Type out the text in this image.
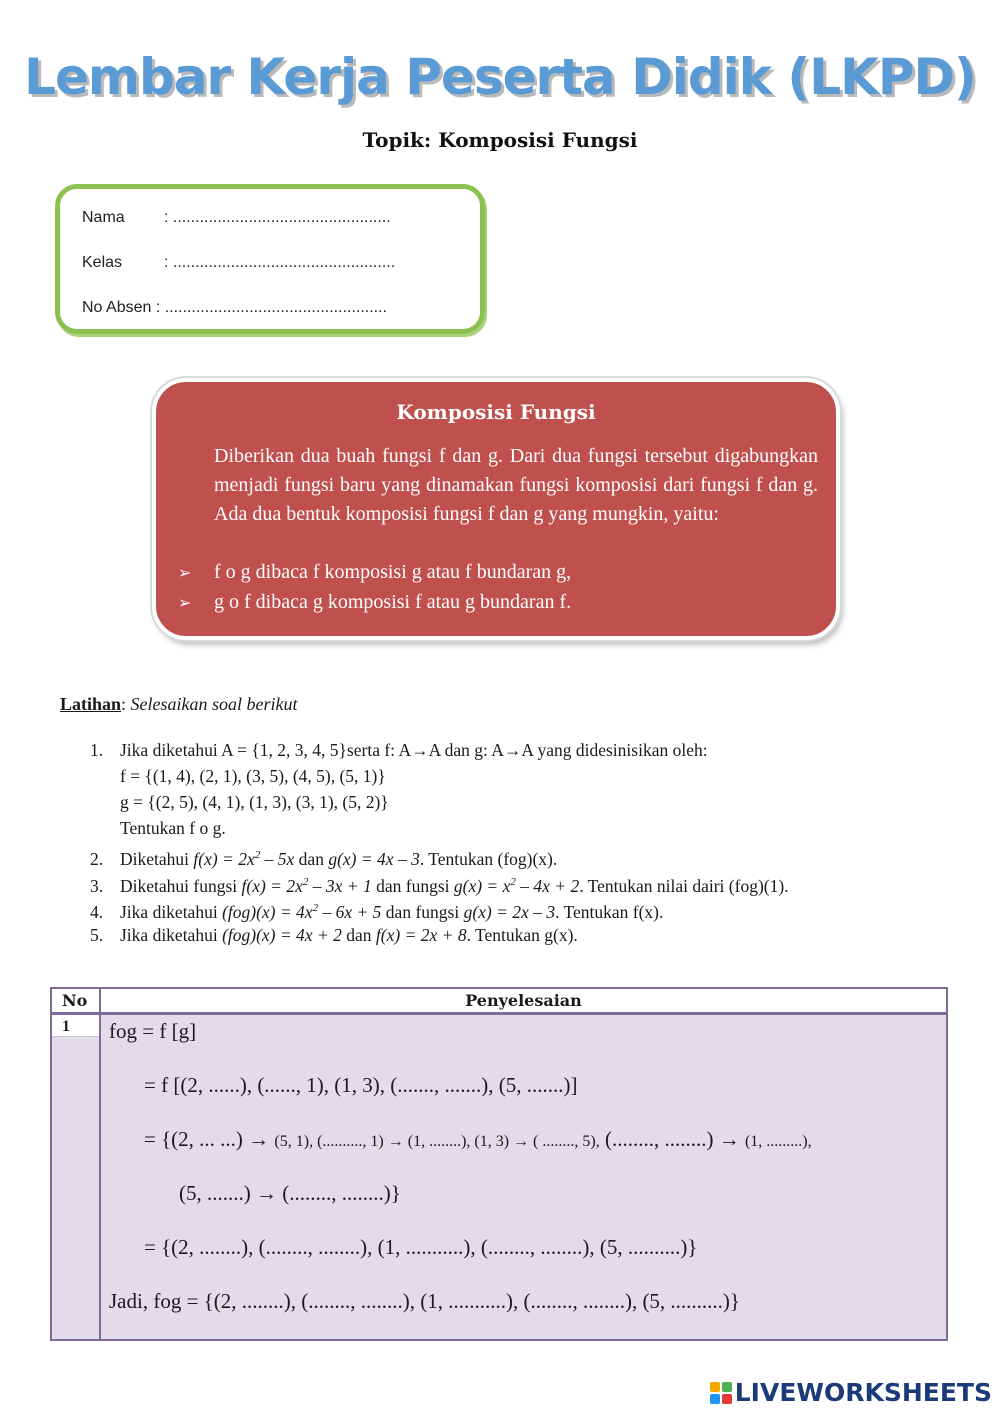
Lembar Kerja Peserta Didik (LKPD)
Topik: Komposisi Fungsi
Nama : .................................................
Kelas	: ..................................................
No Absen : ..................................................
Komposisi Fungsi
Diberikan dua buah fungsi f dan g. Dari dua fungsi tersebut digabungkan menjadi fungsi baru yang dinamakan fungsi komposisi dari fungsi f dan g. Ada dua bentuk komposisi fungsi f dan g yang mungkin, yaitu:
➢ f o g dibaca f komposisi g atau f bundaran g,
➢ g o f dibaca g komposisi f atau g bundaran f.
Latihan: Selesaikan soal berikut
1. Jika diketahui A = {1, 2, 3, 4, 5}serta f: A→A dan g: A→A yang didesinisikan oleh:
f = {(1, 4), (2, 1), (3, 5), (4, 5), (5, 1)}
g = {(2, 5), (4, 1), (1, 3), (3, 1), (5, 2)}
Tentukan f o g.
2. Diketahui $f(x) = 2x^2 - 5x$ dan g(x) = 4x – 3. Tentukan (fog)(x).
3. Diketahui fungsi $f(x) = 2x^2 - 3x + 1$ dan fungsi $g(x) = x^2 - 4x + 2$. Tentukan nilai dairi (fog)(1).
4. Jika diketahui $(fog)(x) = 4x^2 - 6x + 5$ dan fungsi g(x) = 2x – 3. Tentukan f(x).
5. Jika diketahui (fog)(x) = 4x + 2 dan f(x) = 2x + 8. Tentukan g(x).
No	Penyelesaian
1	fog = f [g]
= f [(2, ......), (......, 1), (1, 3), (......., .......), (5, .......)]
= {(2, ... ...) → (5, 1), (.........., 1) → (1, ........), (1, 3) → ( ........, 5), (........, ........) → (1, .........),
(5, .......) → (........, ........)}
= {(2, ........), (........, ........), (1, ...........), (........, ........), (5, ..........)}
Jadi, fog = {(2, ........), (........, ........), (1, ...........), (........, ........), (5, ..........)}
LIVEWORKSHEETS
